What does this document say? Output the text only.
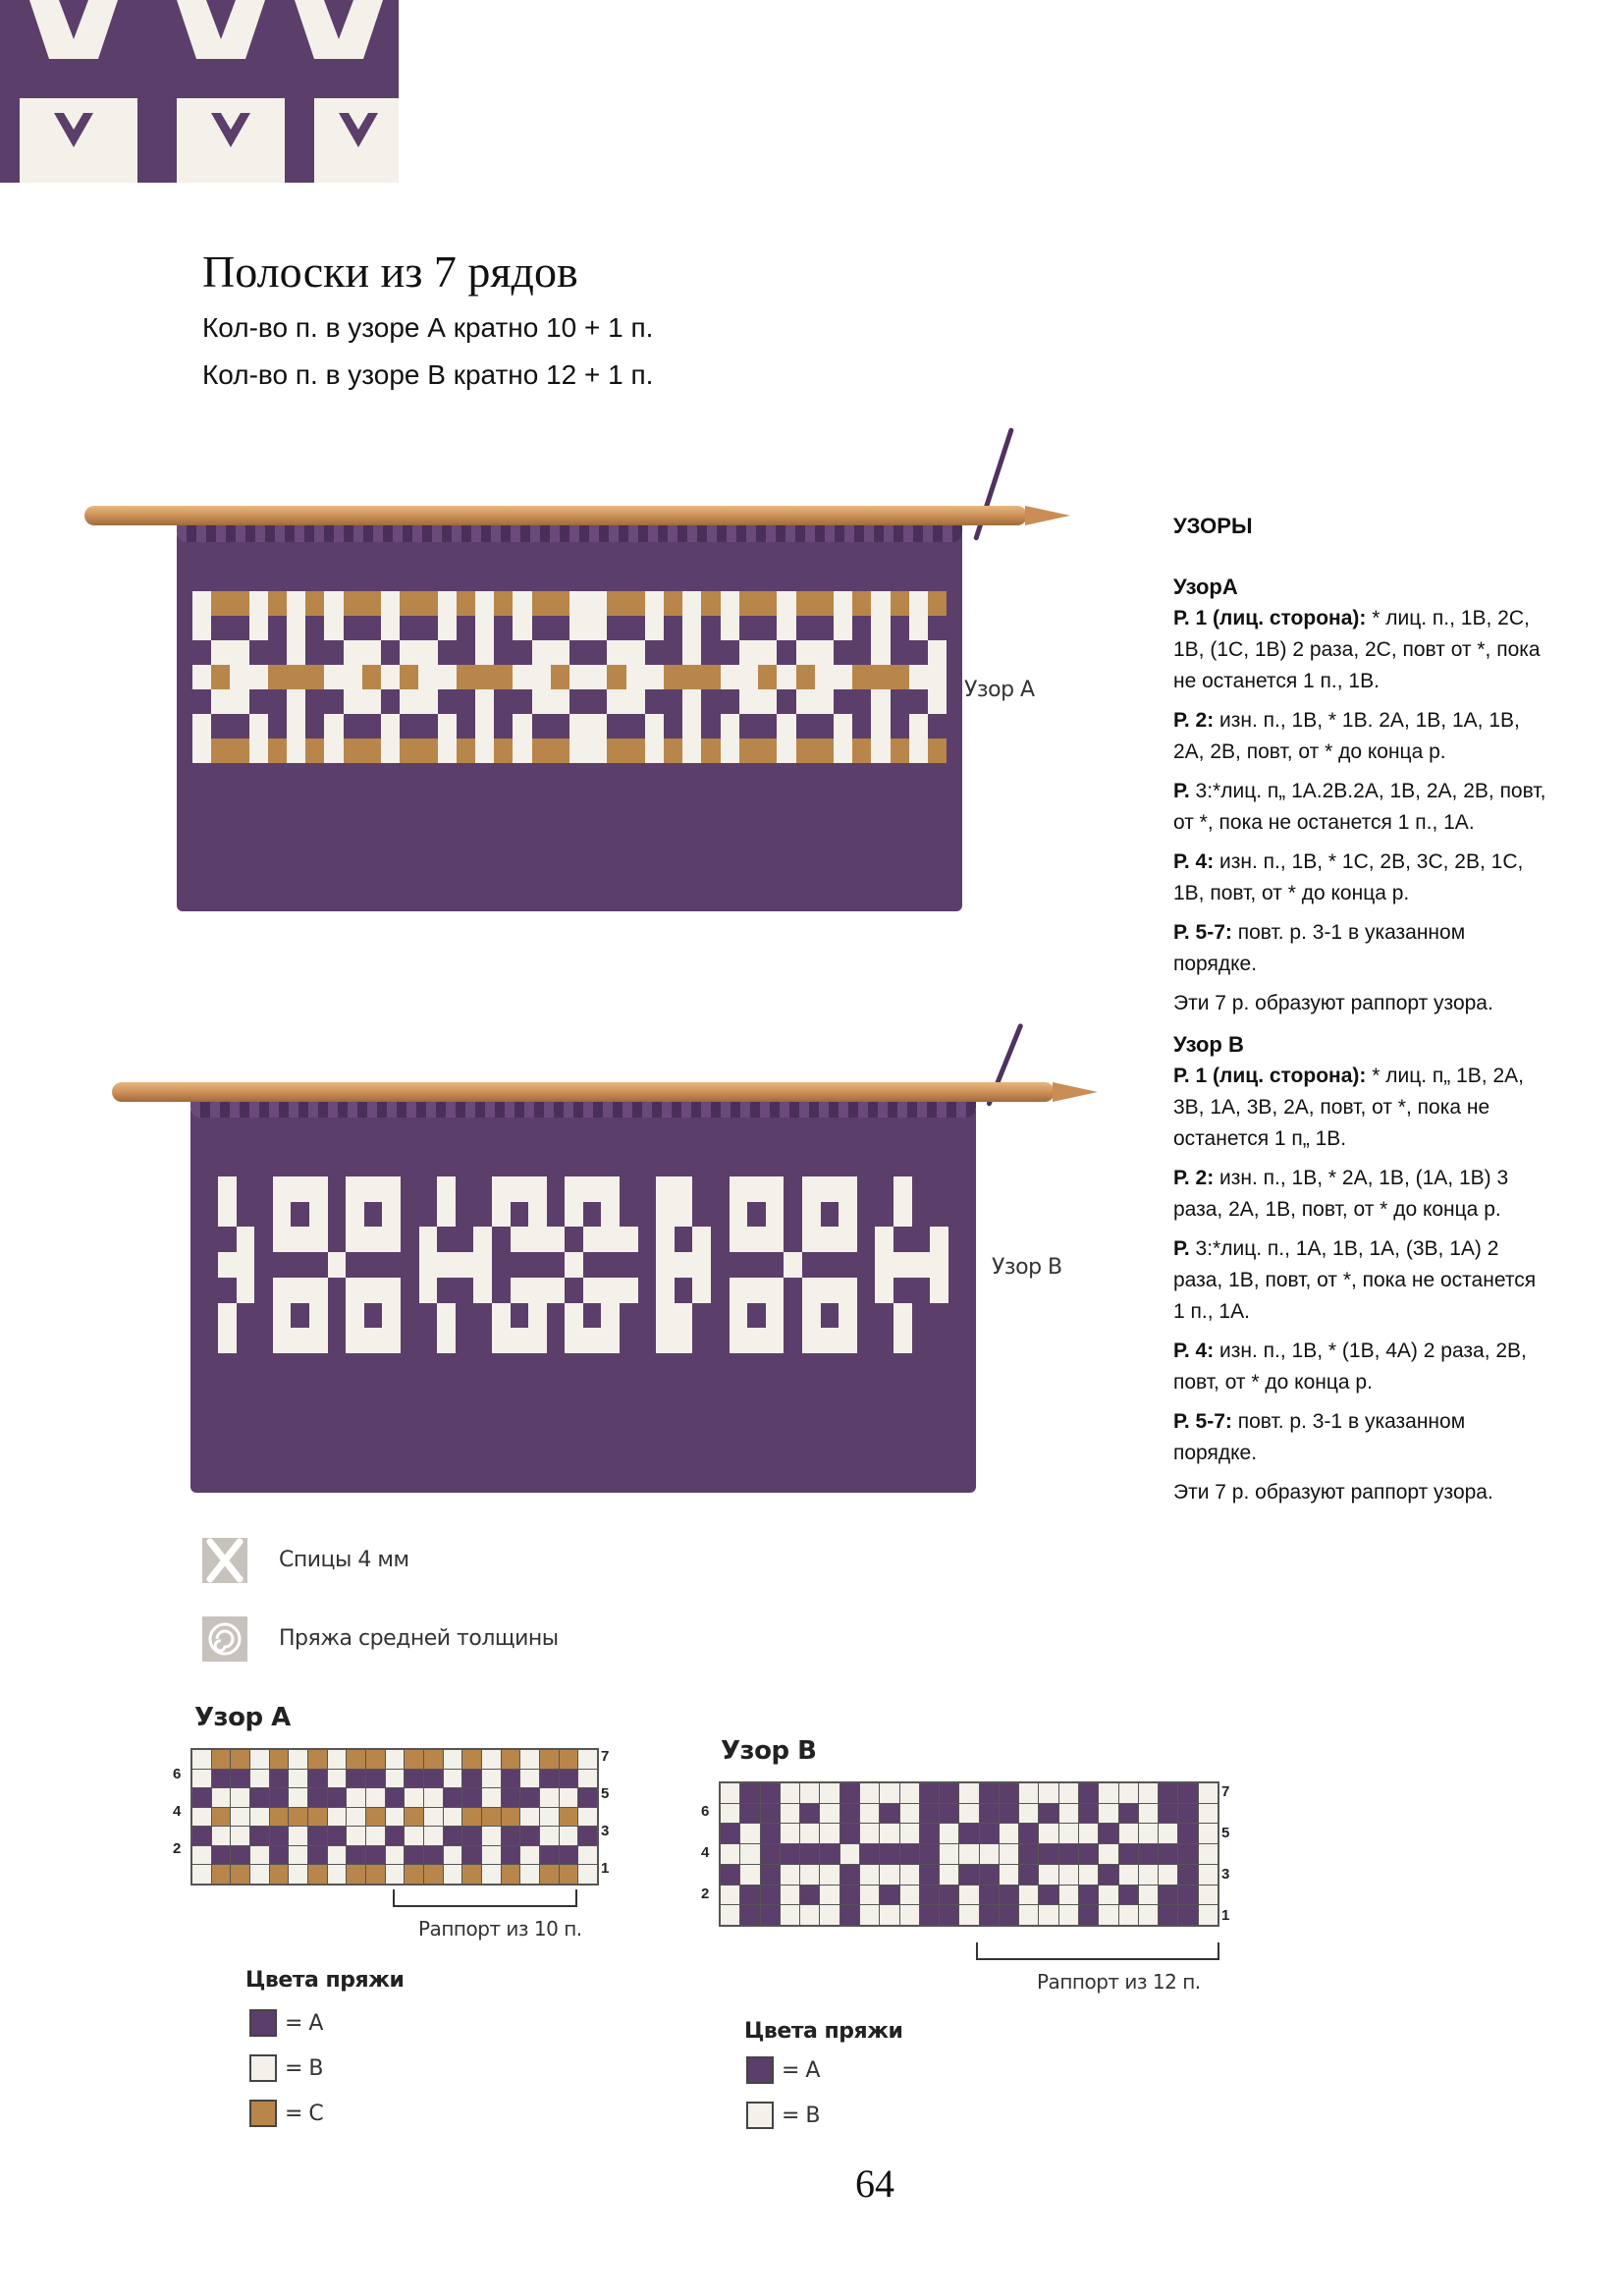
Полоски из 7 рядов
Кол-во п. в узоре А кратно 10 + 1 п.
Кол-во п. в узоре В кратно 12 + 1 п.
Узор А
Узор В

УЗОРЫ

УзорА

Р. 1 (лиц. сторона): * лиц. п., 1В, 2С, 1В, (1С, 1В) 2 раза, 2С, повт от *, пока не останется 1 п., 1В.

Р. 2: изн. п., 1В, * 1В. 2А, 1В, 1А, 1В, 2А, 2В, повт, от * до конца р.

Р. 3:*лиц. п„ 1А.2В.2А, 1В, 2А, 2В, повт, от *, пока не останется 1 п., 1А.

Р. 4: изн. п., 1В, * 1С, 2В, 3С, 2В, 1С, 1В, повт, от * до конца р.

Р. 5-7: повт. р. 3-1 в указанном порядке.

Эти 7 р. образуют раппорт узора.

Узор В

Р. 1 (лиц. сторона): * лиц. п„ 1В, 2А, 3В, 1А, 3В, 2А, повт, от *, пока не останется 1 п„ 1В.

Р. 2: изн. п., 1В, * 2А, 1В, (1А, 1В) 3 раза, 2А, 1В, повт, от * до конца р.

Р. 3:*лиц. п., 1А, 1В, 1А, (3В, 1А) 2 раза, 1В, повт, от *, пока не останется 1 п., 1А.

Р. 4: изн. п., 1В, * (1В, 4А) 2 раза, 2В, повт, от * до конца р.

Р. 5-7: повт. р. 3-1 в указанном порядке.

Эти 7 р. образуют раппорт узора.

Спицы 4 мм
Пряжа средней толщины
Узор А
6
4
2
7
5
3
1
Раппорт из 10 п.
Цвета пряжи
= А
= В
= С
Узор В
6
4
2
7
5
3
1
Раппорт из 12 п.
Цвета пряжи
= А
= В
64
